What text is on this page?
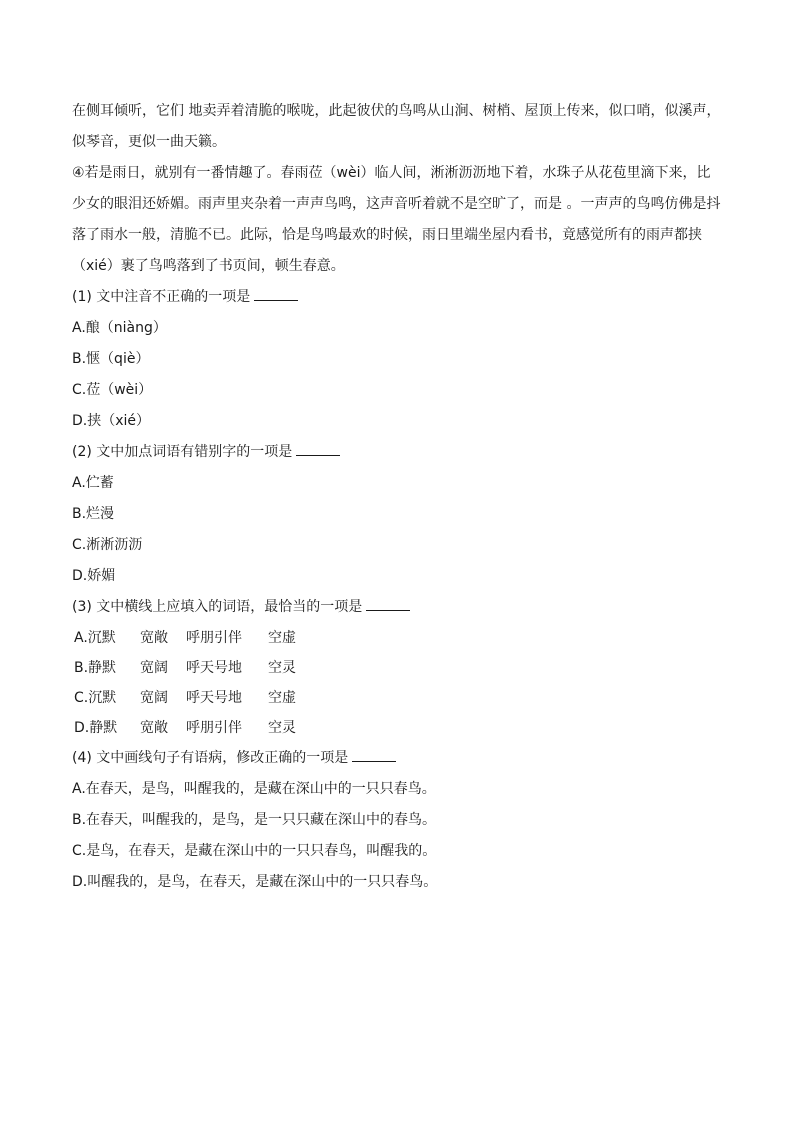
在侧耳倾听，它们 地卖弄着清脆的喉咙，此起彼伏的鸟鸣从山涧、树梢、屋顶上传来，似口哨，似溪声，

似琴音，更似一曲天籁。

④若是雨日，就别有一番情趣了。春雨莅（wèi）临人间，淅淅沥沥地下着，水珠子从花苞里滴下来，比

少女的眼泪还娇媚。雨声里夹杂着一声声鸟鸣，这声音听着就不是空旷了，而是 。一声声的鸟鸣仿佛是抖

落了雨水一般，清脆不已。此际，恰是鸟鸣最欢的时候，雨日里端坐屋内看书，竟感觉所有的雨声都挟

（xié）裹了鸟鸣落到了书页间，顿生春意。

(1) 文中注音不正确的一项是

A.酿（niàng）

B.惬（qiè）

C.莅（wèi）

D.挟（xié）

(2) 文中加点词语有错别字的一项是

A.伫蓄

B.烂漫

C.淅淅沥沥

D.娇媚

(3) 文中横线上应填入的词语，最恰当的一项是

A.沉默	宽敞	呼朋引伴	空虚
B.静默	宽阔	呼天号地	空灵
C.沉默	宽阔	呼天号地	空虚
D.静默	宽敞	呼朋引伴	空灵

(4) 文中画线句子有语病，修改正确的一项是

A.在春天，是鸟，叫醒我的，是藏在深山中的一只只春鸟。

B.在春天，叫醒我的，是鸟，是一只只藏在深山中的春鸟。

C.是鸟，在春天，是藏在深山中的一只只春鸟，叫醒我的。

D.叫醒我的，是鸟，在春天，是藏在深山中的一只只春鸟。
